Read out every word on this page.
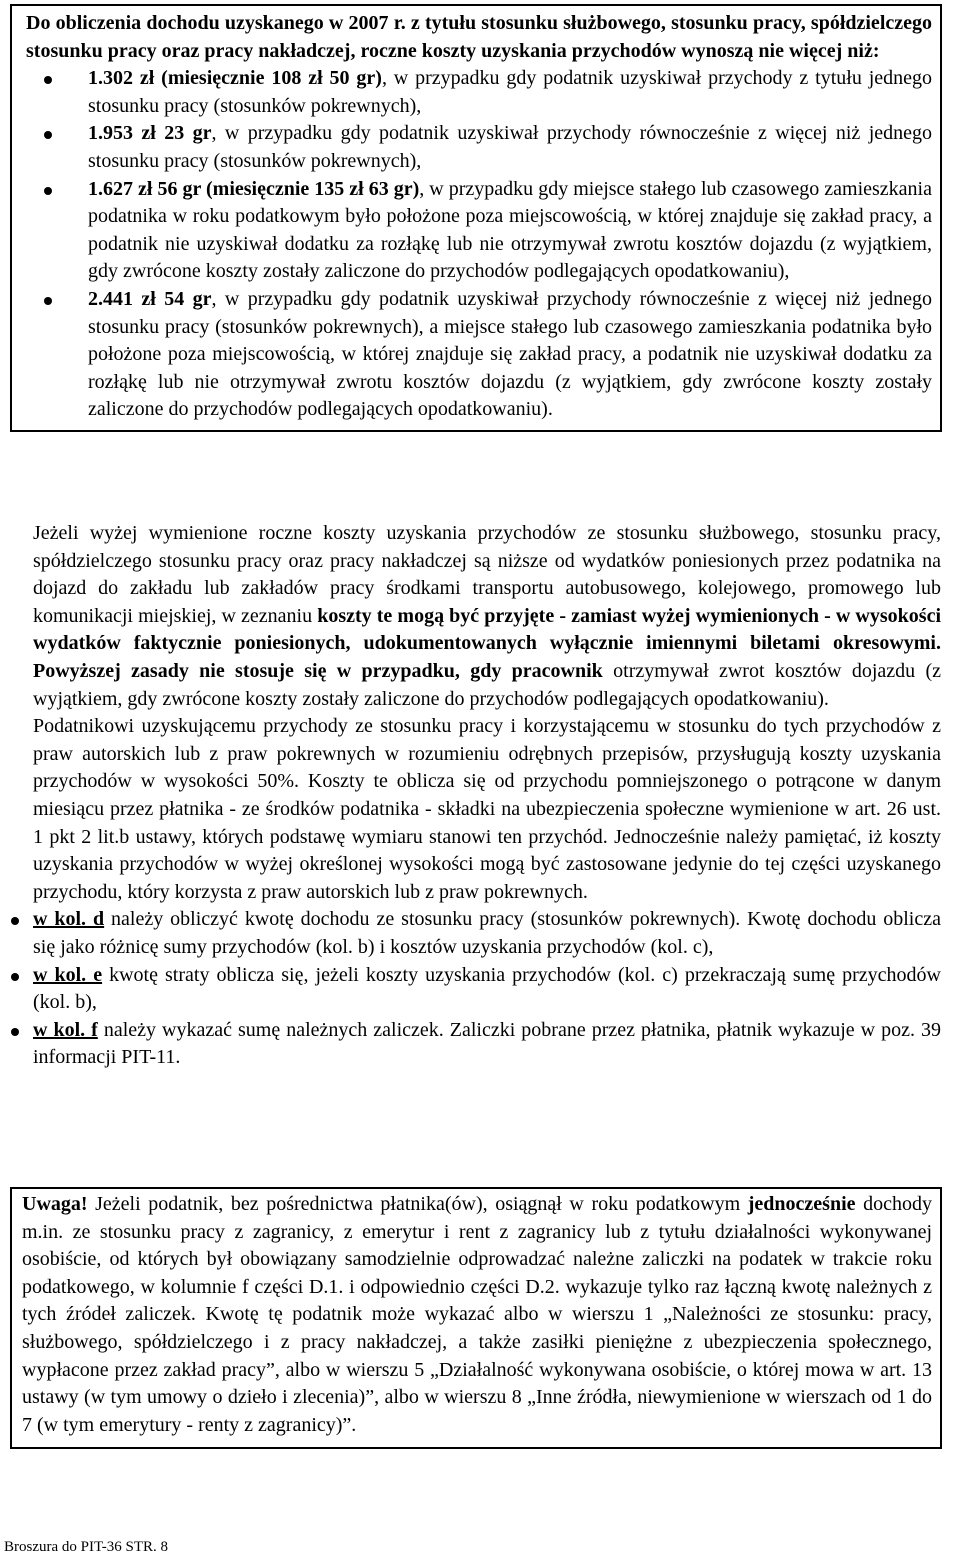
Do obliczenia dochodu uzyskanego w 2007 r. z tytułu stosunku służbowego, stosunku pracy, spółdzielczego stosunku pracy oraz pracy nakładczej, roczne koszty uzyskania przychodów wynoszą nie więcej niż:

1.302 zł (miesięcznie 108 zł 50 gr), w przypadku gdy podatnik uzyskiwał przychody z tytułu jednego stosunku pracy (stosunków pokrewnych),
1.953 zł 23 gr, w przypadku gdy podatnik uzyskiwał przychody równocześnie z więcej niż jednego stosunku pracy (stosunków pokrewnych),
1.627 zł 56 gr (miesięcznie 135 zł 63 gr), w przypadku gdy miejsce stałego lub czasowego zamieszkania podatnika w roku podatkowym było położone poza miejscowością, w której znajduje się zakład pracy, a podatnik nie uzyskiwał dodatku za rozłąkę lub nie otrzymywał zwrotu kosztów dojazdu (z wyjątkiem, gdy zwrócone koszty zostały zaliczone do przychodów podlegających opodatkowaniu),
2.441 zł 54 gr, w przypadku gdy podatnik uzyskiwał przychody równocześnie z więcej niż jednego stosunku pracy (stosunków pokrewnych), a miejsce stałego lub czasowego zamieszkania podatnika było położone poza miejscowością, w której znajduje się zakład pracy, a podatnik nie uzyskiwał dodatku za rozłąkę lub nie otrzymywał zwrotu kosztów dojazdu (z wyjątkiem, gdy zwrócone koszty zostały zaliczone do przychodów podlegających opodatkowaniu).

Jeżeli wyżej wymienione roczne koszty uzyskania przychodów ze stosunku służbowego, stosunku pracy, spółdzielczego stosunku pracy oraz pracy nakładczej są niższe od wydatków poniesionych przez podatnika na dojazd do zakładu lub zakładów pracy środkami transportu autobusowego, kolejowego, promowego lub komunikacji miejskiej, w zeznaniu koszty te mogą być przyjęte - zamiast wyżej wymienionych - w wysokości wydatków faktycznie poniesionych, udokumentowanych wyłącznie imiennymi biletami okresowymi. Powyższej zasady nie stosuje się w przypadku, gdy pracownik otrzymywał zwrot kosztów dojazdu (z wyjątkiem, gdy zwrócone koszty zostały zaliczone do przychodów podlegających opodatkowaniu).

Podatnikowi uzyskującemu przychody ze stosunku pracy i korzystającemu w stosunku do tych przychodów z praw autorskich lub z praw pokrewnych w rozumieniu odrębnych przepisów, przysługują koszty uzyskania przychodów w wysokości 50%. Koszty te oblicza się od przychodu pomniejszonego o potrącone w danym miesiącu przez płatnika - ze środków podatnika - składki na ubezpieczenia społeczne wymienione w art. 26 ust. 1 pkt 2 lit.b ustawy, których podstawę wymiaru stanowi ten przychód. Jednocześnie należy pamiętać, iż koszty uzyskania przychodów w wyżej określonej wysokości mogą być zastosowane jedynie do tej części uzyskanego przychodu, który korzysta z praw autorskich lub z praw pokrewnych.

w kol. d należy obliczyć kwotę dochodu ze stosunku pracy (stosunków pokrewnych). Kwotę dochodu oblicza się jako różnicę sumy przychodów (kol. b) i kosztów uzyskania przychodów (kol. c),
w kol. e kwotę straty oblicza się, jeżeli koszty uzyskania przychodów (kol. c) przekraczają sumę przychodów (kol. b),
w kol. f należy wykazać sumę należnych zaliczek. Zaliczki pobrane przez płatnika, płatnik wykazuje w poz. 39 informacji PIT-11.
Uwaga! Jeżeli podatnik, bez pośrednictwa płatnika(ów), osiągnął w roku podatkowym jednocześnie dochody m.in. ze stosunku pracy z zagranicy, z emerytur i rent z zagranicy lub z tytułu działalności wykonywanej osobiście, od których był obowiązany samodzielnie odprowadzać należne zaliczki na podatek w trakcie roku podatkowego, w kolumnie f części D.1. i odpowiednio części D.2. wykazuje tylko raz łączną kwotę należnych z tych źródeł zaliczek. Kwotę tę podatnik może wykazać albo w wierszu 1 „Należności ze stosunku: pracy, służbowego, spółdzielczego i z pracy nakładczej, a także zasiłki pieniężne z ubezpieczenia społecznego, wypłacone przez zakład pracy”, albo w wierszu 5 „Działalność wykonywana osobiście, o której mowa w art. 13 ustawy (w tym umowy o dzieło i zlecenia)”, albo w wierszu 8 „Inne źródła, niewymienione w wierszach od 1 do 7 (w tym emerytury - renty z zagranicy)”.
Broszura do PIT-36 STR. 8
